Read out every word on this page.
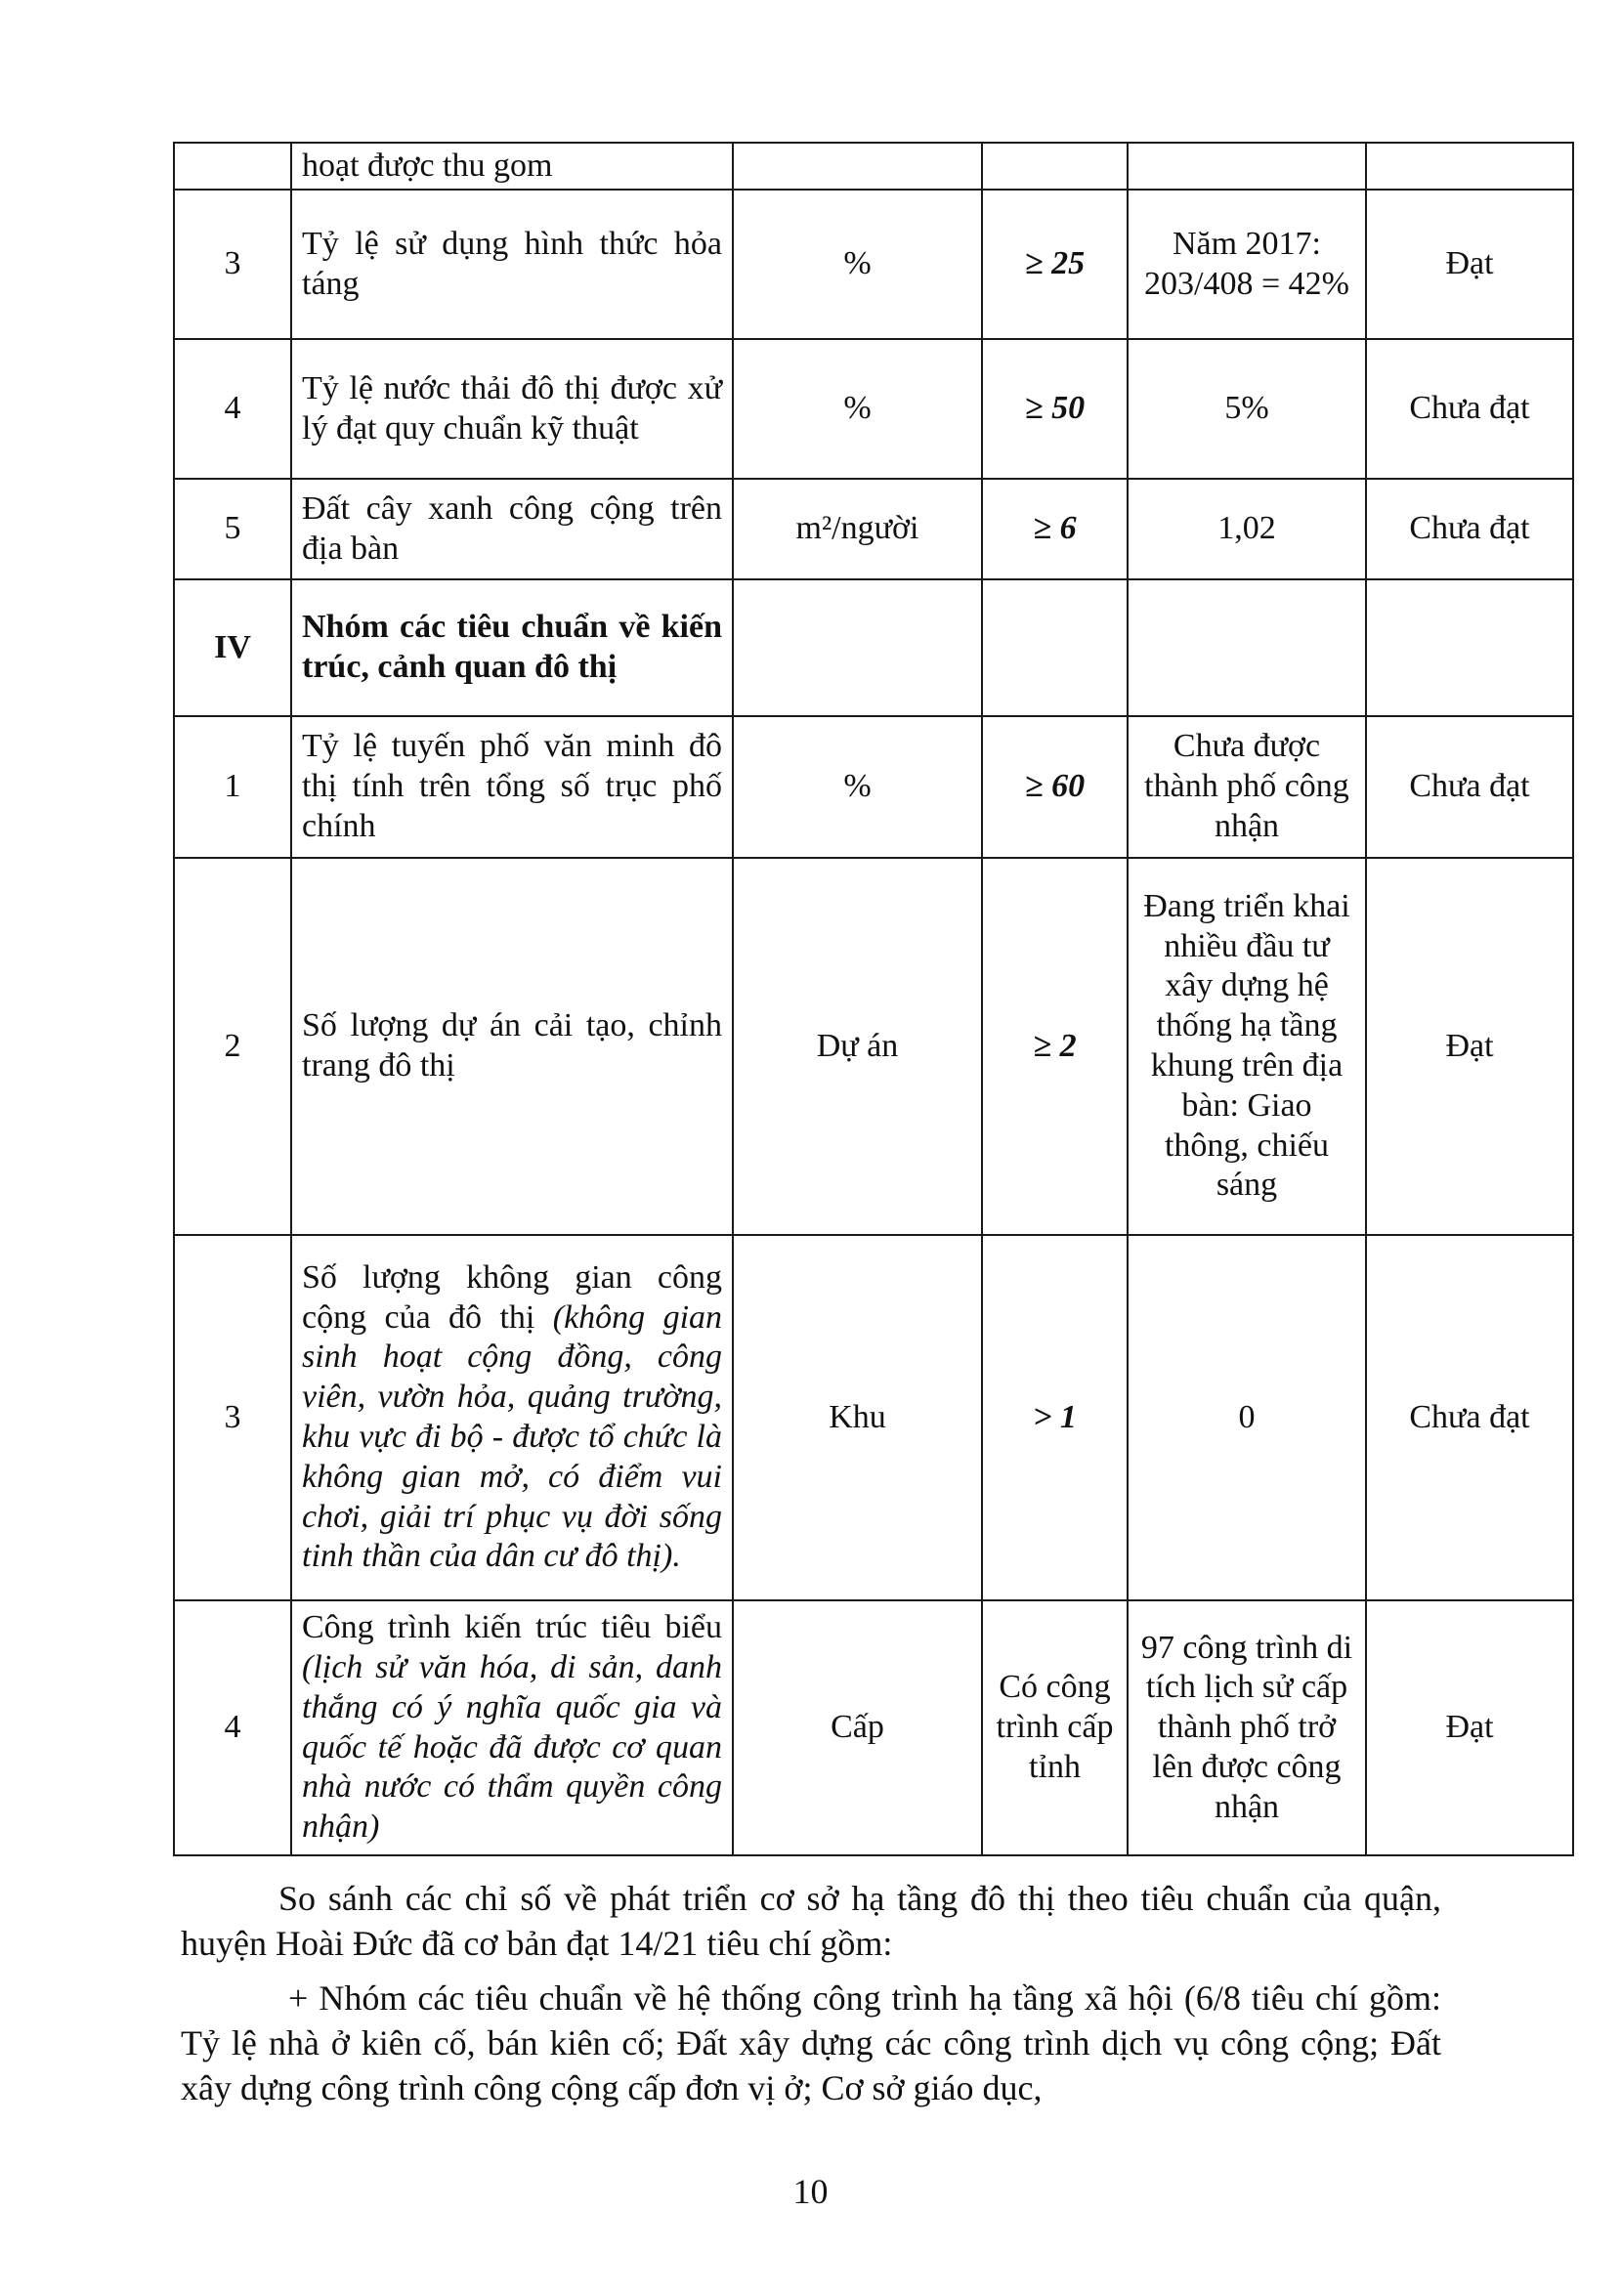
	hoạt được thu gom				
3	Tỷ lệ sử dụng hình thức hỏa táng	%	≥ 25	Năm 2017: 203/408 = 42%	Đạt
4	Tỷ lệ nước thải đô thị được xử lý đạt quy chuẩn kỹ thuật	%	≥ 50	5%	Chưa đạt
5	Đất cây xanh công cộng trên địa bàn	m²/người	≥ 6	1,02	Chưa đạt
IV	Nhóm các tiêu chuẩn về kiến trúc, cảnh quan đô thị				
1	Tỷ lệ tuyến phố văn minh đô thị tính trên tổng số trục phố chính	%	≥ 60	Chưa được thành phố công nhận	Chưa đạt
2	Số lượng dự án cải tạo, chỉnh trang đô thị	Dự án	≥ 2	Đang triển khai nhiều đầu tư xây dựng hệ thống hạ tầng khung trên địa bàn: Giao thông, chiếu sáng	Đạt
3	Số lượng không gian công cộng của đô thị (không gian sinh hoạt cộng đồng, công viên, vườn hỏa, quảng trường, khu vực đi bộ - được tổ chức là không gian mở, có điểm vui chơi, giải trí phục vụ đời sống tinh thần của dân cư đô thị).	Khu	> 1	0	Chưa đạt
4	Công trình kiến trúc tiêu biểu (lịch sử văn hóa, di sản, danh thắng có ý nghĩa quốc gia và quốc tế hoặc đã được cơ quan nhà nước có thẩm quyền công nhận)	Cấp	Có công trình cấp tỉnh	97 công trình di tích lịch sử cấp thành phố trở lên được công nhận	Đạt

So sánh các chỉ số về phát triển cơ sở hạ tầng đô thị theo tiêu chuẩn của quận, huyện Hoài Đức đã cơ bản đạt 14/21 tiêu chí gồm:

+ Nhóm các tiêu chuẩn về hệ thống công trình hạ tầng xã hội (6/8 tiêu chí gồm: Tỷ lệ nhà ở kiên cố, bán kiên cố; Đất xây dựng các công trình dịch vụ công cộng; Đất xây dựng công trình công cộng cấp đơn vị ở; Cơ sở giáo dục,

10
